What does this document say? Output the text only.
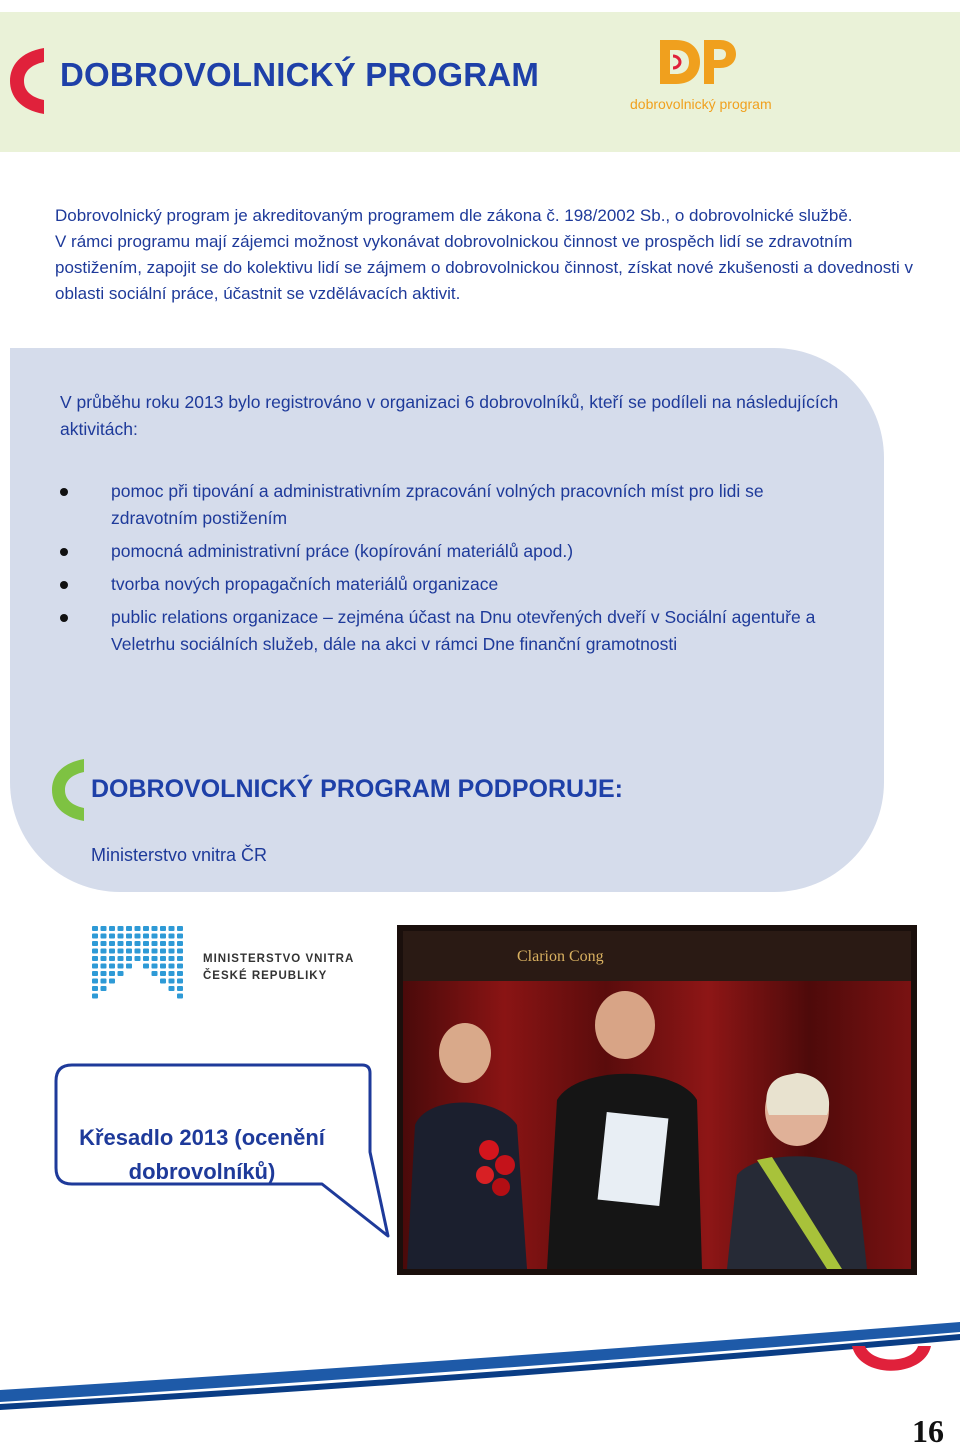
DOBROVOLNICKÝ PROGRAM
dobrovolnický program

Dobrovolnický program je akreditovaným programem dle zákona č. 198/2002 Sb., o dobrovolnické službě.

V rámci programu mají zájemci možnost vykonávat dobrovolnickou činnost ve prospěch lidí se zdravotním postižením, zapojit se do kolektivu lidí se zájmem o dobrovolnickou činnost, získat nové zkušenosti a dovednosti v oblasti sociální práce, účastnit se vzdělávacích aktivit.

V průběhu roku 2013 bylo registrováno v organizaci 6 dobrovolníků, kteří se podíleli na následujících aktivitách:
pomoc při tipování a administrativním zpracování volných pracovních míst pro lidi se zdravotním postižením
pomocná administrativní práce (kopírování materiálů apod.)
tvorba nových propagačních materiálů organizace
public relations organizace – zejména účast na Dnu otevřených dveří v Sociální agentuře a Veletrhu sociálních služeb, dále na akci v rámci Dne finanční gramotnosti
DOBROVOLNICKÝ PROGRAM PODPORUJE:
Ministerstvo vnitra ČR
MINISTERSTVO VNITRA
ČESKÉ REPUBLIKY
Clarion Cong
Křesadlo 2013 (ocenění dobrovolníků)
16
